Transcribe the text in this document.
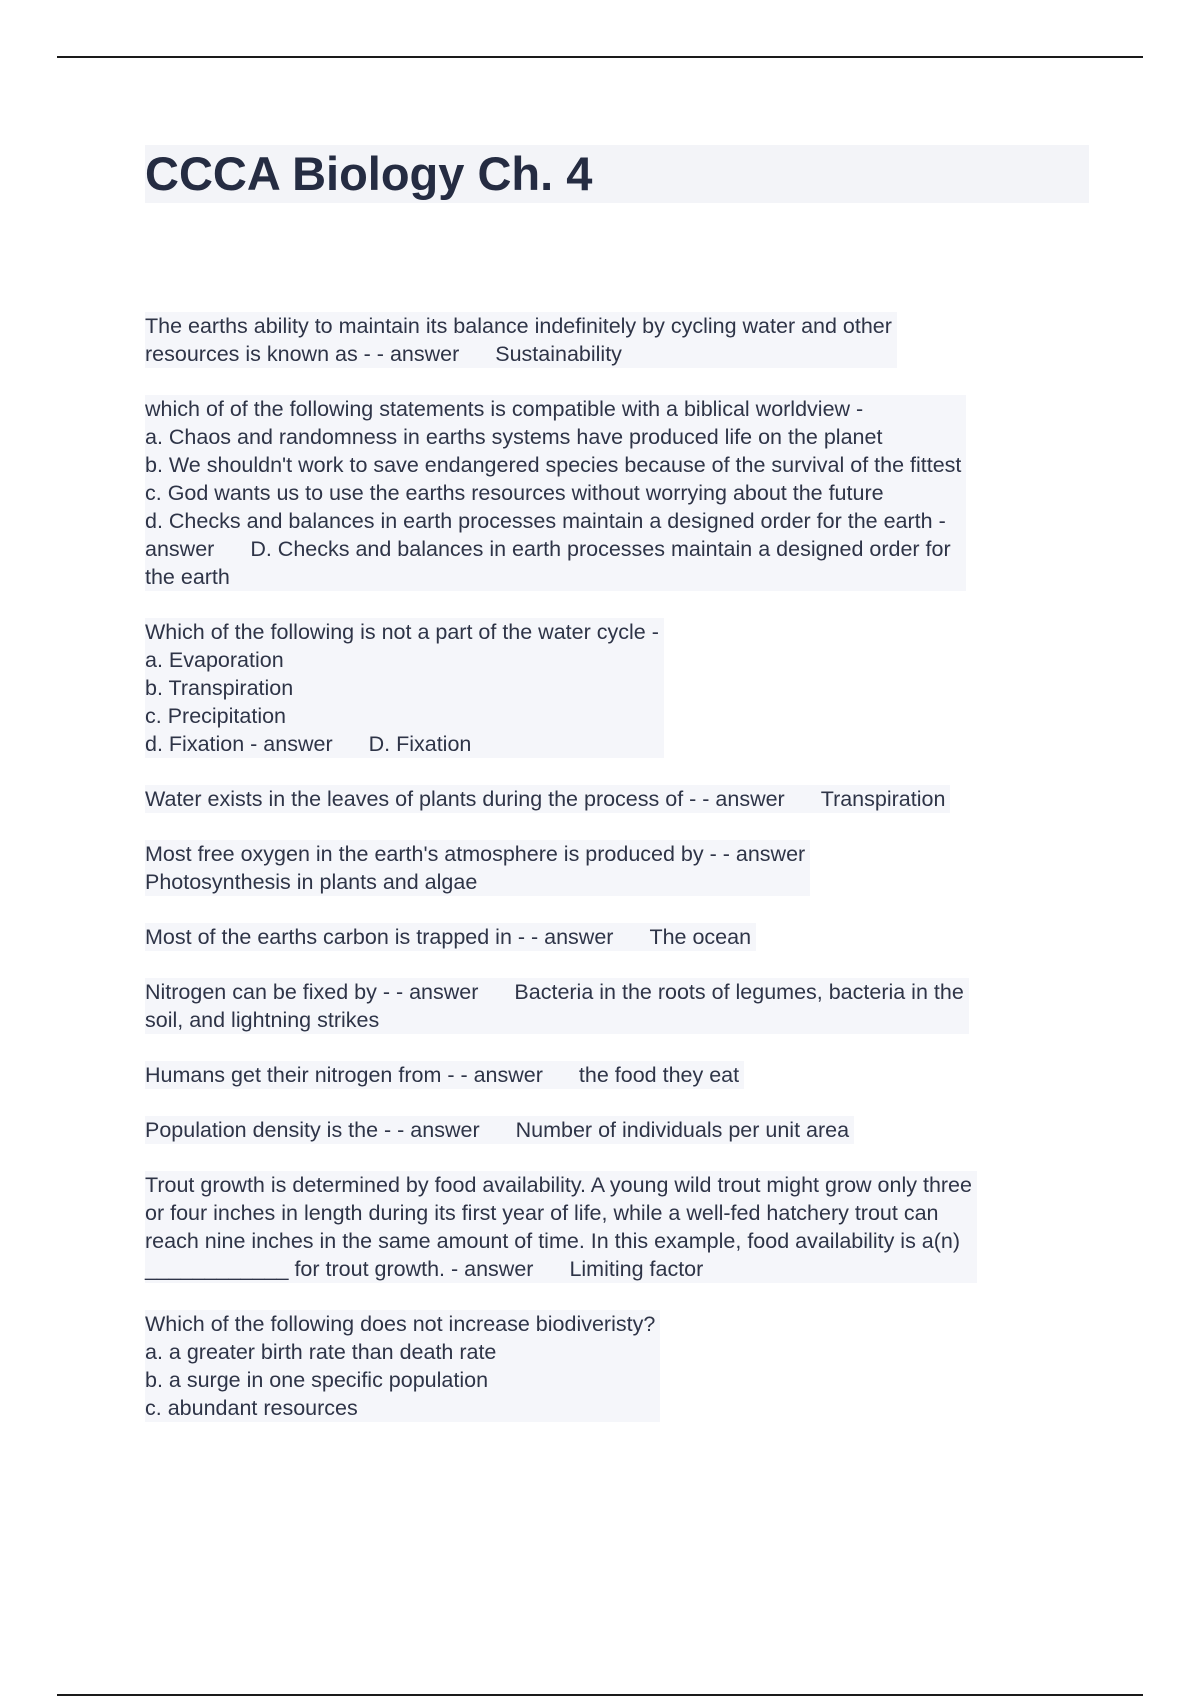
CCCA Biology Ch. 4
The earths ability to maintain its balance indefinitely by cycling water and other
resources is known as - - answer Sustainability
which of of the following statements is compatible with a biblical worldview -
a. Chaos and randomness in earths systems have produced life on the planet
b. We shouldn't work to save endangered species because of the survival of the fittest
c. God wants us to use the earths resources without worrying about the future
d. Checks and balances in earth processes maintain a designed order for the earth -
answer D. Checks and balances in earth processes maintain a designed order for
the earth
Which of the following is not a part of the water cycle -
a. Evaporation
b. Transpiration
c. Precipitation
d. Fixation - answer D. Fixation
Water exists in the leaves of plants during the process of - - answer Transpiration
Most free oxygen in the earth's atmosphere is produced by - - answer
Photosynthesis in plants and algae
Most of the earths carbon is trapped in - - answer The ocean
Nitrogen can be fixed by - - answer Bacteria in the roots of legumes, bacteria in the
soil, and lightning strikes
Humans get their nitrogen from - - answer the food they eat
Population density is the - - answer Number of individuals per unit area
Trout growth is determined by food availability. A young wild trout might grow only three
or four inches in length during its first year of life, while a well-fed hatchery trout can
reach nine inches in the same amount of time. In this example, food availability is a(n)
____________ for trout growth. - answer Limiting factor
Which of the following does not increase biodiveristy?
a. a greater birth rate than death rate
b. a surge in one specific population
c. abundant resources
